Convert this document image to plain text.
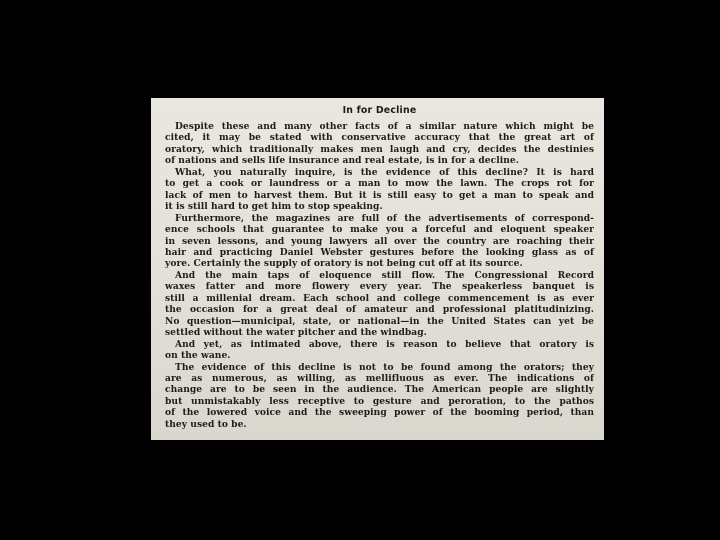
In for Decline
Despite these and many other facts of a similar nature which might be
cited, it may be stated with conservative accuracy that the great art of
oratory, which traditionally makes men laugh and cry, decides the destinies
of nations and sells life insurance and real estate, is in for a decline.
What, you naturally inquire, is the evidence of this decline? It is hard
to get a cook or laundress or a man to mow the lawn. The crops rot for
lack of men to harvest them. But it is still easy to get a man to speak and
it is still hard to get him to stop speaking.
Furthermore, the magazines are full of the advertisements of correspond-
ence schools that guarantee to make you a forceful and eloquent speaker
in seven lessons, and young lawyers all over the country are roaching their
hair and practicing Daniel Webster gestures before the looking glass as of
yore. Certainly the supply of oratory is not being cut off at its source.
And the main taps of eloquence still flow. The Congressional Record
waxes fatter and more flowery every year. The speakerless banquet is
still a millenial dream. Each school and college commencement is as ever
the occasion for a great deal of amateur and professional platitudinizing.
No question—municipal, state, or national—in the United States can yet be
settled without the water pitcher and the windbag.
And yet, as intimated above, there is reason to believe that oratory is
on the wane.
The evidence of this decline is not to be found among the orators; they
are as numerous, as willing, as mellifluous as ever. The indications of
change are to be seen in the audience. The American people are slightly
but unmistakably less receptive to gesture and peroration, to the pathos
of the lowered voice and the sweeping power of the booming period, than
they used to be.
